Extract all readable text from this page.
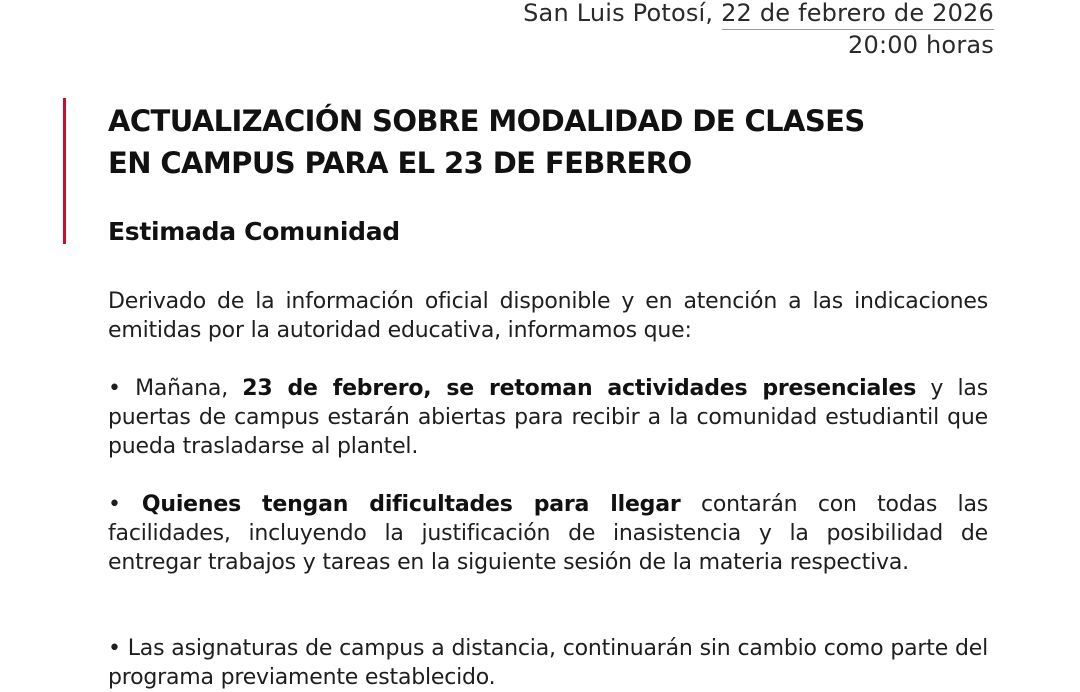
San Luis Potosí, 22 de febrero de 2026
20:00 horas
ACTUALIZACIÓN SOBRE MODALIDAD DE CLASES
EN CAMPUS PARA EL 23 DE FEBRERO
Estimada Comunidad

Derivado de la información oficial disponible y en atención a las indicaciones emitidas por la autoridad educativa, informamos que:

• Mañana, 23 de febrero, se retoman actividades presenciales y las puertas de campus estarán abiertas para recibir a la comunidad estudiantil que pueda trasladarse al plantel.

• Quienes tengan dificultades para llegar contarán con todas las facilidades, incluyendo la justificación de inasistencia y la posibilidad de entregar trabajos y tareas en la siguiente sesión de la materia respectiva.

• Las asignaturas de campus a distancia, continuarán sin cambio como parte del programa previamente establecido.
